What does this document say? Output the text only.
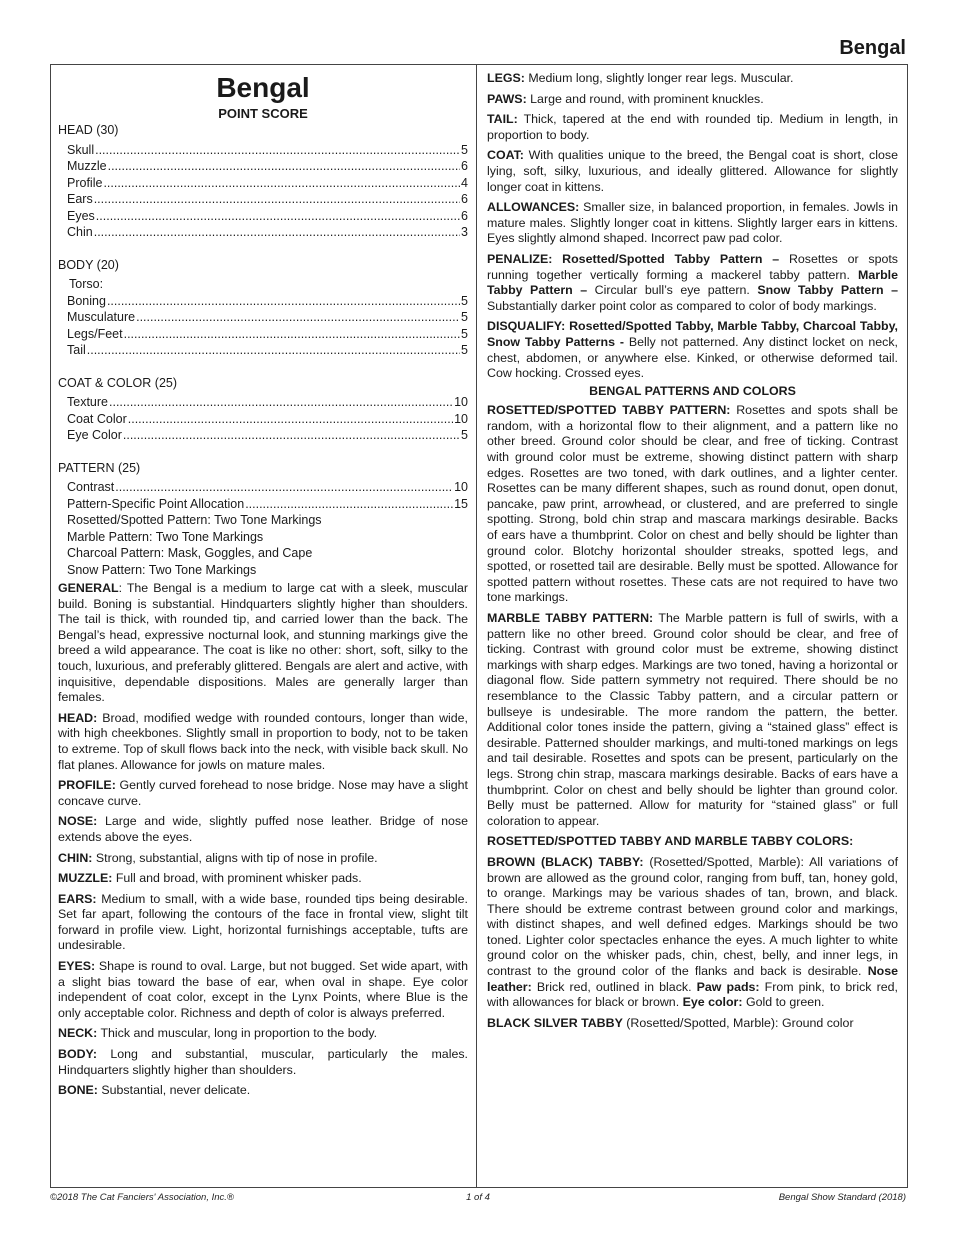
Bengal
Bengal
POINT SCORE
HEAD (30)
Skull .....	5
Muzzle .....	6
Profile .....	4
Ears .....	6
Eyes .....	6
Chin .....	3
BODY (20)
Torso:
Boning .....	5
Musculature .....	5
Legs/Feet .....	5
Tail .....	5
COAT & COLOR (25)
Texture .....	10
Coat Color .....	10
Eye Color .....	5
PATTERN (25)
Contrast .....	10
Pattern-Specific Point Allocation .....	15
Rosetted/Spotted Pattern: Two Tone Markings
Marble Pattern: Two Tone Markings
Charcoal Pattern: Mask, Goggles, and Cape
Snow Pattern: Two Tone Markings

GENERAL: The Bengal is a medium to large cat with a sleek, muscular build. Boning is substantial. Hindquarters slightly higher than shoulders. The tail is thick, with rounded tip, and carried lower than the back. The Bengal’s head, expressive nocturnal look, and stunning markings give the breed a wild appearance. The coat is like no other: short, soft, silky to the touch, luxurious, and preferably glittered. Bengals are alert and active, with inquisitive, dependable dispositions. Males are generally larger than females.

HEAD: Broad, modified wedge with rounded contours, longer than wide, with high cheekbones. Slightly small in proportion to body, not to be taken to extreme. Top of skull flows back into the neck, with visible back skull. No flat planes. Allowance for jowls on mature males.

PROFILE: Gently curved forehead to nose bridge. Nose may have a slight concave curve.

NOSE: Large and wide, slightly puffed nose leather. Bridge of nose extends above the eyes.

CHIN: Strong, substantial, aligns with tip of nose in profile.

MUZZLE: Full and broad, with prominent whisker pads.

EARS: Medium to small, with a wide base, rounded tips being desirable. Set far apart, following the contours of the face in frontal view, slight tilt forward in profile view. Light, horizontal furnishings acceptable, tufts are undesirable.

EYES: Shape is round to oval. Large, but not bugged. Set wide apart, with a slight bias toward the base of ear, when oval in shape. Eye color independent of coat color, except in the Lynx Points, where Blue is the only acceptable color. Richness and depth of color is always preferred.

NECK: Thick and muscular, long in proportion to the body.

BODY: Long and substantial, muscular, particularly the males. Hindquarters slightly higher than shoulders.

BONE: Substantial, never delicate.

LEGS: Medium long, slightly longer rear legs. Muscular.

PAWS: Large and round, with prominent knuckles.

TAIL: Thick, tapered at the end with rounded tip. Medium in length, in proportion to body.

COAT: With qualities unique to the breed, the Bengal coat is short, close lying, soft, silky, luxurious, and ideally glittered. Allowance for slightly longer coat in kittens.

ALLOWANCES: Smaller size, in balanced proportion, in females. Jowls in mature males. Slightly longer coat in kittens. Slightly larger ears in kittens. Eyes slightly almond shaped. Incorrect paw pad color.

PENALIZE: Rosetted/Spotted Tabby Pattern – Rosettes or spots running together vertically forming a mackerel tabby pattern. Marble Tabby Pattern – Circular bull’s eye pattern. Snow Tabby Pattern – Substantially darker point color as compared to color of body markings.

DISQUALIFY: Rosetted/Spotted Tabby, Marble Tabby, Charcoal Tabby, Snow Tabby Patterns - Belly not patterned. Any distinct locket on neck, chest, abdomen, or anywhere else. Kinked, or otherwise deformed tail. Cow hocking. Crossed eyes.

BENGAL PATTERNS AND COLORS

ROSETTED/SPOTTED TABBY PATTERN: Rosettes and spots shall be random, with a horizontal flow to their alignment, and a pattern like no other breed. Ground color should be clear, and free of ticking. Contrast with ground color must be extreme, showing distinct pattern with sharp edges. Rosettes are two toned, with dark outlines, and a lighter center. Rosettes can be many different shapes, such as round donut, open donut, pancake, paw print, arrowhead, or clustered, and are preferred to single spotting. Strong, bold chin strap and mascara markings desirable. Backs of ears have a thumbprint. Color on chest and belly should be lighter than ground color. Blotchy horizontal shoulder streaks, spotted legs, and spotted, or rosetted tail are desirable. Belly must be spotted. Allowance for spotted pattern without rosettes. These cats are not required to have two tone markings.

MARBLE TABBY PATTERN: The Marble pattern is full of swirls, with a pattern like no other breed. Ground color should be clear, and free of ticking. Contrast with ground color must be extreme, showing distinct markings with sharp edges. Markings are two toned, having a horizontal or diagonal flow. Side pattern symmetry not required. There should be no resemblance to the Classic Tabby pattern, and a circular pattern or bullseye is undesirable. The more random the pattern, the better. Additional color tones inside the pattern, giving a “stained glass” effect is desirable. Patterned shoulder markings, and multi-toned markings on legs and tail desirable. Rosettes and spots can be present, particularly on the legs. Strong chin strap, mascara markings desirable. Backs of ears have a thumbprint. Color on chest and belly should be lighter than ground color. Belly must be patterned. Allow for maturity for “stained glass” or full coloration to appear.

ROSETTED/SPOTTED TABBY AND MARBLE TABBY COLORS:

BROWN (BLACK) TABBY: (Rosetted/Spotted, Marble): All variations of brown are allowed as the ground color, ranging from buff, tan, honey gold, to orange. Markings may be various shades of tan, brown, and black. There should be extreme contrast between ground color and markings, with distinct shapes, and well defined edges. Markings should be two toned. Lighter color spectacles enhance the eyes. A much lighter to white ground color on the whisker pads, chin, chest, belly, and inner legs, in contrast to the ground color of the flanks and back is desirable. Nose leather: Brick red, outlined in black. Paw pads: From pink, to brick red, with allowances for black or brown. Eye color: Gold to green.

BLACK SILVER TABBY (Rosetted/Spotted, Marble): Ground color

©2018 The Cat Fanciers' Association, Inc.®	1 of 4	Bengal Show Standard (2018)
